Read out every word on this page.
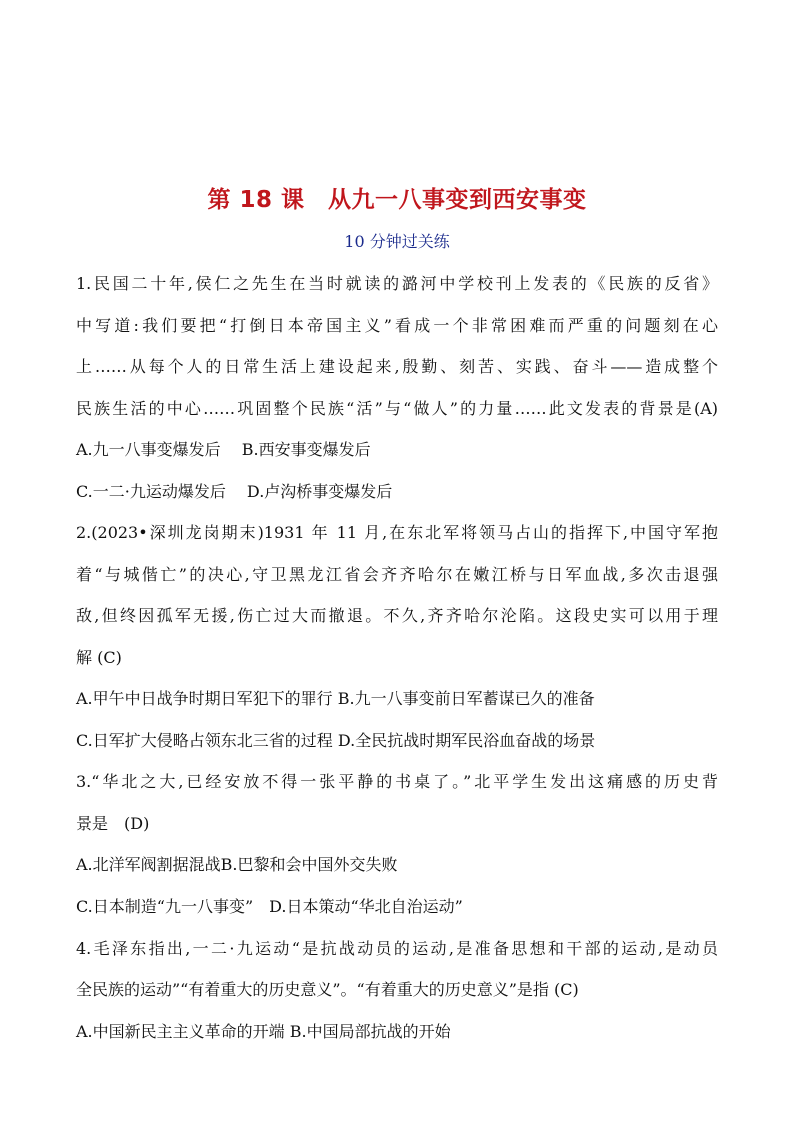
第 18 课　从九一八事变到西安事变
10 分钟过关练
1.民国二十年,侯仁之先生在当时就读的潞河中学校刊上发表的《民族的反省》
中写道:我们要把“打倒日本帝国主义”看成一个非常困难而严重的问题刻在心
上……从每个人的日常生活上建设起来,殷勤、刻苦、实践、奋斗——造成整个
民族生活的中心……巩固整个民族“活”与“做人”的力量……此文发表的背景是(A)
A.九一八事变爆发后　 B.西安事变爆发后
C.一二·九运动爆发后　 D.卢沟桥事变爆发后
2.(2023•深圳龙岗期末)1931 年 11 月,在东北军将领马占山的指挥下,中国守军抱
着“与城偕亡”的决心,守卫黑龙江省会齐齐哈尔在嫩江桥与日军血战,多次击退强
敌,但终因孤军无援,伤亡过大而撤退。不久,齐齐哈尔沦陷。这段史实可以用于理
解 (C)
A.甲午中日战争时期日军犯下的罪行 B.九一八事变前日军蓄谋已久的准备
C.日军扩大侵略占领东北三省的过程 D.全民抗战时期军民浴血奋战的场景
3.“华北之大,已经安放不得一张平静的书桌了。”北平学生发出这痛感的历史背
景是　(D)
A.北洋军阀割据混战B.巴黎和会中国外交失败
C.日本制造“九一八事变”　D.日本策动“华北自治运动”
4.毛泽东指出,一二·九运动“是抗战动员的运动,是准备思想和干部的运动,是动员
全民族的运动”“有着重大的历史意义”。“有着重大的历史意义”是指 (C)
A.中国新民主主义革命的开端 B.中国局部抗战的开始
